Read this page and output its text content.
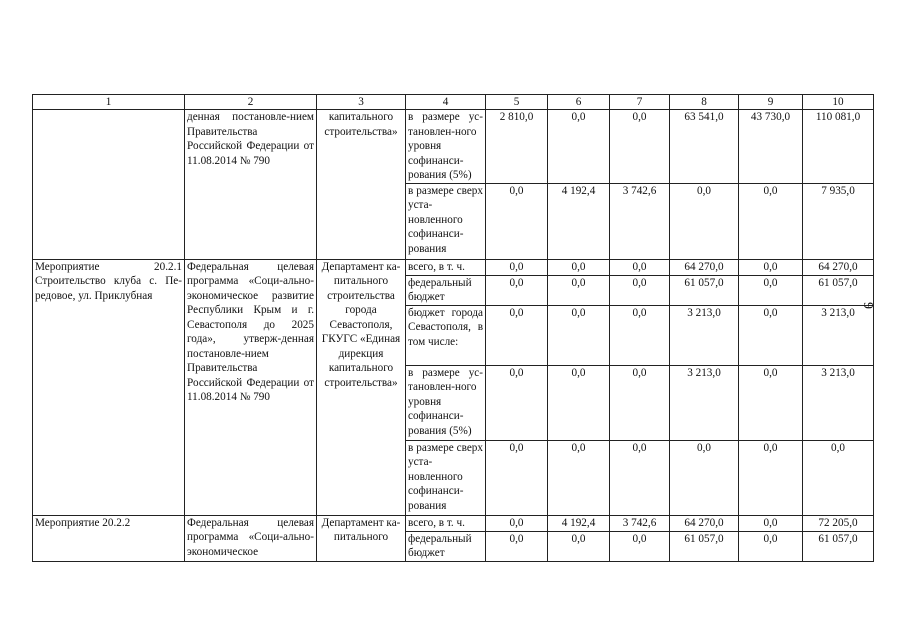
1	2	3	4	5	6	7	8	9	10
	денная постановле-нием Правительства Российской Федерации от 11.08.2014 № 790	капитального строительства»	в размере ус-тановлен-ного уровня софинанси-рования (5%)	2 810,0	0,0	0,0	63 541,0	43 730,0	110 081,0
			в размере сверх уста-новленного софинанси-рования	0,0	4 192,4	3 742,6	0,0	0,0	7 935,0
Мероприятие 20.2.1 Строительство клуба с. Пе-редовое, ул. Приклубная	Федеральная целевая программа «Соци-ально-экономическое развитие Республики Крым и г. Севастополя до 2025 года», утверж-денная постановле-нием Правительства Российской Федерации от 11.08.2014 № 790	Департамент ка-питального строительства города Севастополя, ГКУГС «Единая дирекция капитального строительства»	всего, в т. ч.	0,0	0,0	0,0	64 270,0	0,0	64 270,0
			федеральный бюджет	0,0	0,0	0,0	61 057,0	0,0	61 057,0
			бюджет города Севастополя, в том числе:	0,0	0,0	0,0	3 213,0	0,0	3 213,0
			в размере ус-тановлен-ного уровня софинанси-рования (5%)	0,0	0,0	0,0	3 213,0	0,0	3 213,0
			в размере сверх уста-новленного софинанси-рования	0,0	0,0	0,0	0,0	0,0	0,0
Мероприятие 20.2.2	Федеральная целевая программа «Соци-ально-экономическое	Департамент ка-питального	всего, в т. ч.	0,0	4 192,4	3 742,6	64 270,0	0,0	72 205,0
			федеральный бюджет	0,0	0,0	0,0	61 057,0	0,0	61 057,0
9
